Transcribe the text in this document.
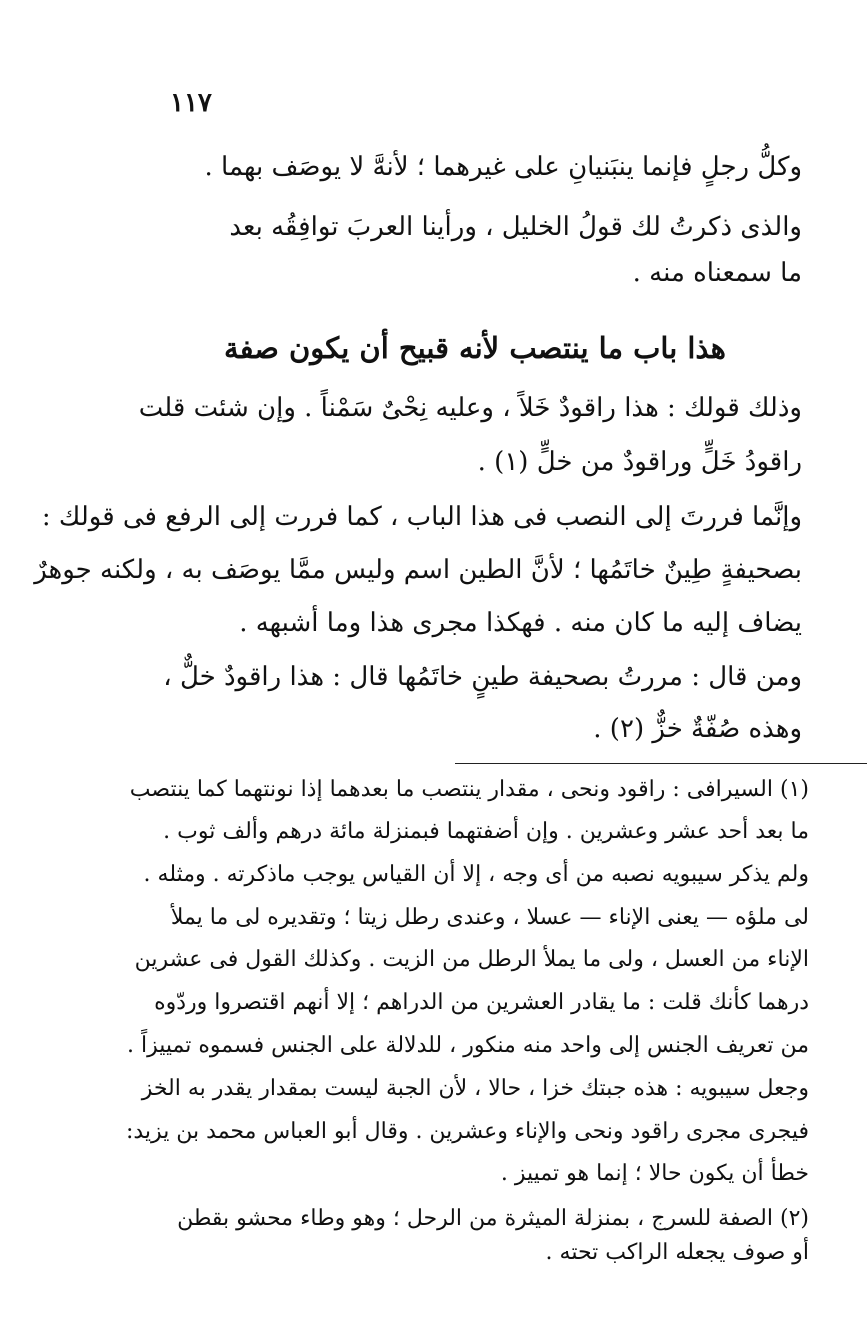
١١٧
وكلُّ رجلٍ فإنما ينبَنيانِ على غيرهما ؛ لأنهَّ لا يوصَف بهما .
والذى ذكرتُ لك قولُ الخليل ، ورأينا العربَ توافِقُه بعد
ما سمعناه منه .
هذا باب ما ينتصب لأنه قبيح أن يكون صفة
وذلك قولك : هذا راقودٌ خَلاً ، وعليه نِحْىٌ سَمْناً . وإن شئت قلت
راقودُ خَلٍّ وراقودٌ من خلٍّ (١) .
وإنَّما فررتَ إلى النصب فى هذا الباب ، كما فررت إلى الرفع فى قولك :
بصحيفةٍ طِينٌ خاتَمُها ؛ لأنَّ الطين اسم وليس ممَّا يوصَف به ، ولكنه جوهرٌ
يضاف إليه ما كان منه . فهكذا مجرى هذا وما أشبهه .
ومن قال : مررتُ بصحيفة طينٍ خاتَمُها قال : هذا راقودٌ خلٌّ ،
وهذه صُفّةٌ خزٌّ (٢) .
(١) السيرافى : راقود ونحى ، مقدار ينتصب ما بعدهما إذا نونتهما كما ينتصب
ما بعد أحد عشر وعشرين . وإن أضفتهما فبمنزلة مائة درهم وألف ثوب .
ولم يذكر سيبويه نصبه من أى وجه ، إلا أن القياس يوجب ماذكرته . ومثله .
لى ملؤه — يعنى الإناء — عسلا ، وعندى رطل زيتا ؛ وتقديره لى ما يملأ
الإناء من العسل ، ولى ما يملأ الرطل من الزيت . وكذلك القول فى عشرين
درهما كأنك قلت : ما يقادر العشرين من الدراهم ؛ إلا أنهم اقتصروا وردّوه
من تعريف الجنس إلى واحد منه منكور ، للدلالة على الجنس فسموه تمييزاً .
وجعل سيبويه : هذه جبتك خزا ، حالا ، لأن الجبة ليست بمقدار يقدر به الخز
فيجرى مجرى راقود ونحى والإناء وعشرين . وقال أبو العباس محمد بن يزيد:
خطأ أن يكون حالا ؛ إنما هو تمييز .
(٢) الصفة للسرج ، بمنزلة الميثرة من الرحل ؛ وهو وطاء محشو بقطن
أو صوف يجعله الراكب تحته .
